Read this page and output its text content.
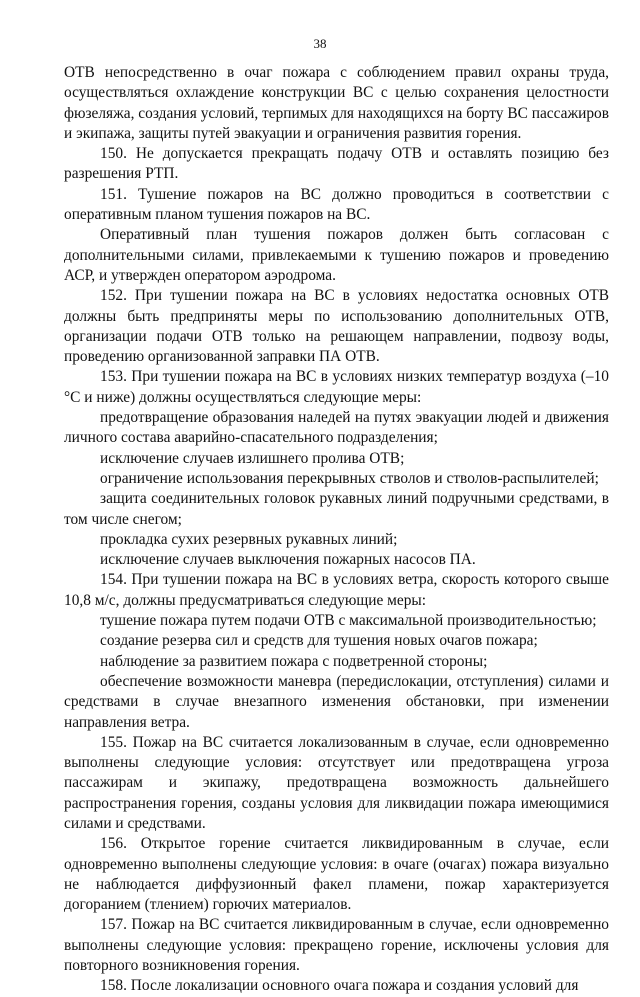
38

ОТВ непосредственно в очаг пожара с соблюдением правил охраны труда, осуществляться охлаждение конструкции ВС с целью сохранения целостности фюзеляжа, создания условий, терпимых для находящихся на борту ВС пассажиров и экипажа, защиты путей эвакуации и ограничения развития горения.

150. Не допускается прекращать подачу ОТВ и оставлять позицию без разрешения РТП.

151. Тушение пожаров на ВС должно проводиться в соответствии с оперативным планом тушения пожаров на ВС.

Оперативный план тушения пожаров должен быть согласован с дополнительными силами, привлекаемыми к тушению пожаров и проведению АСР, и утвержден оператором аэродрома.

152. При тушении пожара на ВС в условиях недостатка основных ОТВ должны быть предприняты меры по использованию дополнительных ОТВ, организации подачи ОТВ только на решающем направлении, подвозу воды, проведению организованной заправки ПА ОТВ.

153. При тушении пожара на ВС в условиях низких температур воздуха (–10 °С и ниже) должны осуществляться следующие меры:

предотвращение образования наледей на путях эвакуации людей и движения личного состава аварийно-спасательного подразделения;

исключение случаев излишнего пролива ОТВ;

ограничение использования перекрывных стволов и стволов-распылителей;

защита соединительных головок рукавных линий подручными средствами, в том числе снегом;

прокладка сухих резервных рукавных линий;

исключение случаев выключения пожарных насосов ПА.

154. При тушении пожара на ВС в условиях ветра, скорость которого свыше 10,8 м/с, должны предусматриваться следующие меры:

тушение пожара путем подачи ОТВ с максимальной производительностью;

создание резерва сил и средств для тушения новых очагов пожара;

наблюдение за развитием пожара с подветренной стороны;

обеспечение возможности маневра (передислокации, отступления) силами и средствами в случае внезапного изменения обстановки, при изменении направления ветра.

155. Пожар на ВС считается локализованным в случае, если одновременно выполнены следующие условия: отсутствует или предотвращена угроза пассажирам и экипажу, предотвращена возможность дальнейшего распространения горения, созданы условия для ликвидации пожара имеющимися силами и средствами.

156. Открытое горение считается ликвидированным в случае, если одновременно выполнены следующие условия: в очаге (очагах) пожара визуально не наблюдается диффузионный факел пламени, пожар характеризуется догоранием (тлением) горючих материалов.

157. Пожар на ВС считается ликвидированным в случае, если одновременно выполнены следующие условия: прекращено горение, исключены условия для повторного возникновения горения.

158. После локализации основного очага пожара и создания условий для
